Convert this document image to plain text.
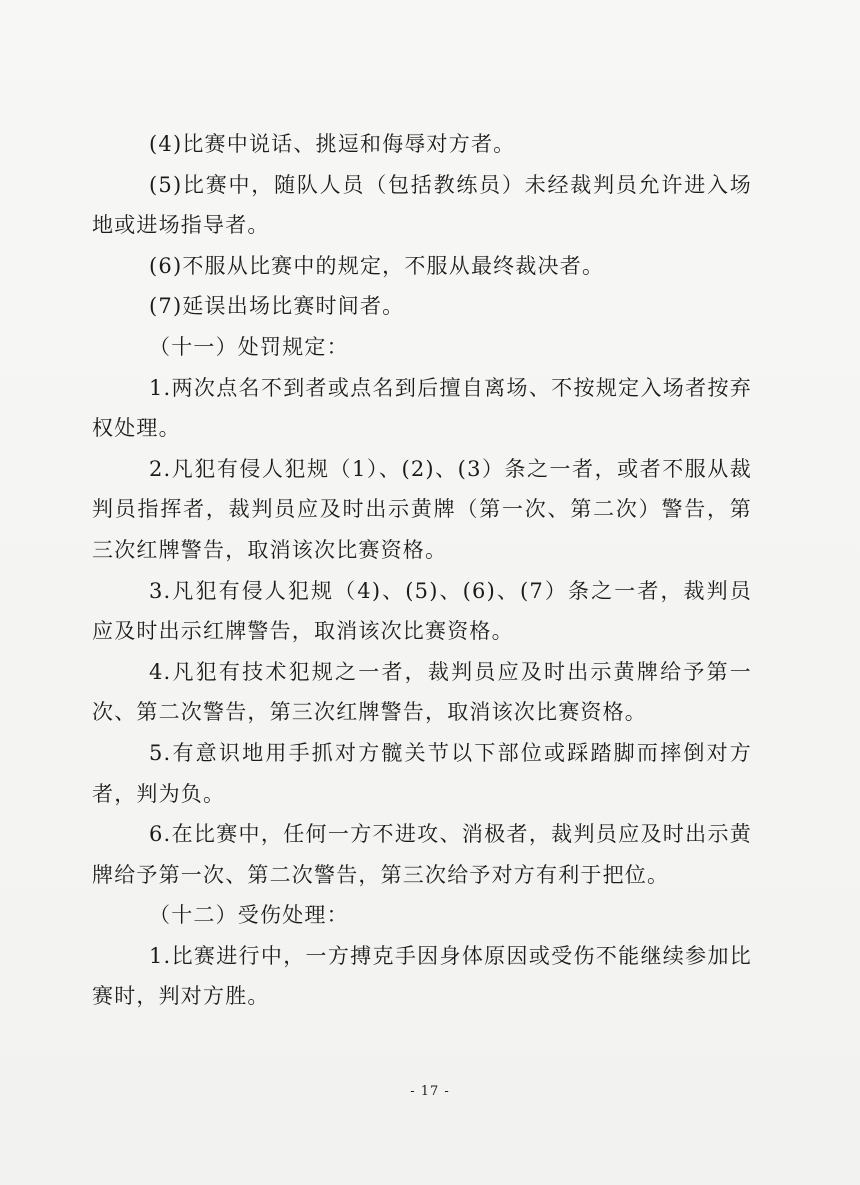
(4)比赛中说话、挑逗和侮辱对方者。

(5)比赛中，随队人员（包括教练员）未经裁判员允许进入场地或进场指导者。

(6)不服从比赛中的规定，不服从最终裁决者。

(7)延误出场比赛时间者。

（十一）处罚规定：

1.两次点名不到者或点名到后擅自离场、不按规定入场者按弃权处理。

2.凡犯有侵人犯规（1）、(2)、(3）条之一者，或者不服从裁判员指挥者，裁判员应及时出示黄牌（第一次、第二次）警告，第三次红牌警告，取消该次比赛资格。

3.凡犯有侵人犯规（4)、(5)、(6)、(7）条之一者，裁判员应及时出示红牌警告，取消该次比赛资格。

4.凡犯有技术犯规之一者，裁判员应及时出示黄牌给予第一次、第二次警告，第三次红牌警告，取消该次比赛资格。

5.有意识地用手抓对方髋关节以下部位或踩踏脚而摔倒对方者，判为负。

6.在比赛中，任何一方不进攻、消极者，裁判员应及时出示黄牌给予第一次、第二次警告，第三次给予对方有利于把位。

（十二）受伤处理：

1.比赛进行中，一方搏克手因身体原因或受伤不能继续参加比赛时，判对方胜。

- 17 -
